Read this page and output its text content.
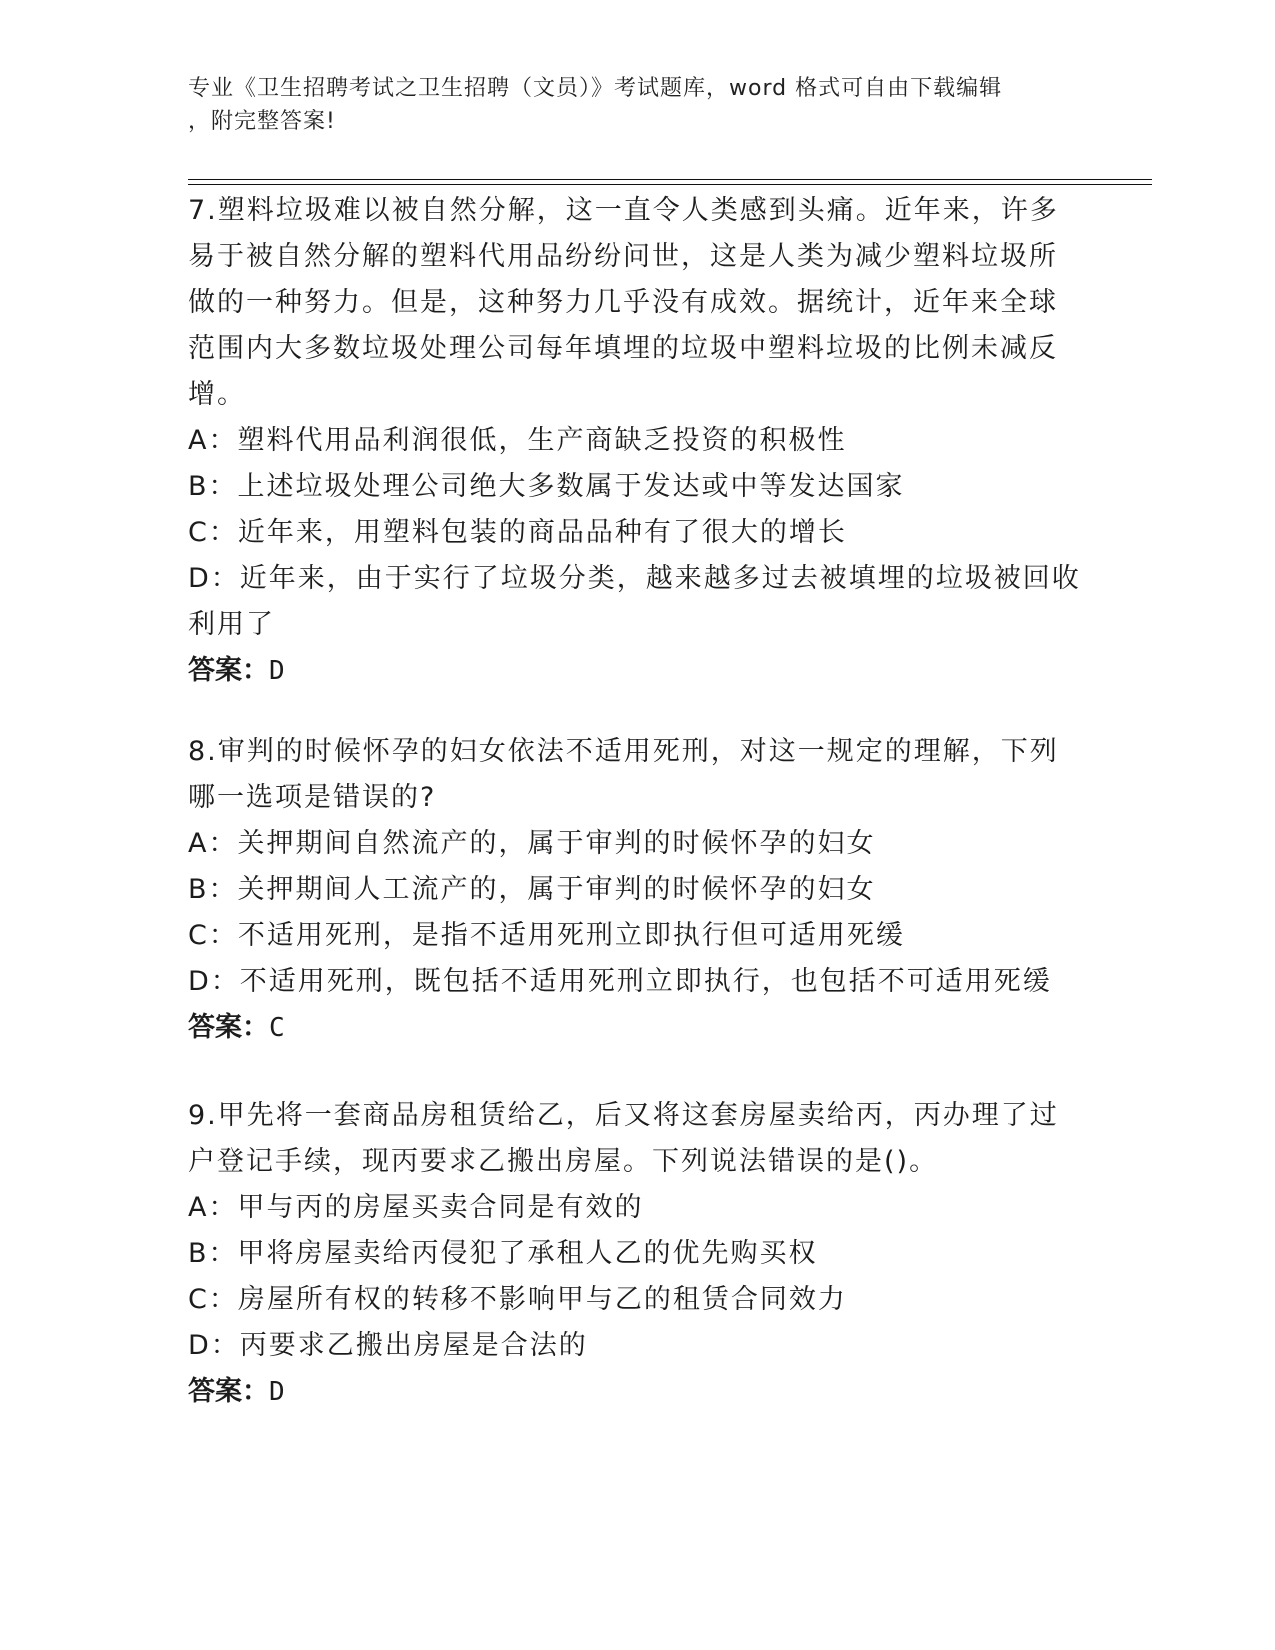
专业《卫生招聘考试之卫生招聘（文员）》考试题库，word 格式可自由下载编辑
，附完整答案!
7.塑料垃圾难以被自然分解，这一直令人类感到头痛。近年来，许多
易于被自然分解的塑料代用品纷纷问世，这是人类为减少塑料垃圾所
做的一种努力。但是，这种努力几乎没有成效。据统计，近年来全球
范围内大多数垃圾处理公司每年填埋的垃圾中塑料垃圾的比例未减反
增。
A：塑料代用品利润很低，生产商缺乏投资的积极性
B：上述垃圾处理公司绝大多数属于发达或中等发达国家
C：近年来，用塑料包装的商品品种有了很大的增长
D：近年来，由于实行了垃圾分类，越来越多过去被填埋的垃圾被回收
利用了
答案：D
8.审判的时候怀孕的妇女依法不适用死刑，对这一规定的理解，下列
哪一选项是错误的?
A：关押期间自然流产的，属于审判的时候怀孕的妇女
B：关押期间人工流产的，属于审判的时候怀孕的妇女
C：不适用死刑，是指不适用死刑立即执行但可适用死缓
D：不适用死刑，既包括不适用死刑立即执行，也包括不可适用死缓
答案：C
9.甲先将一套商品房租赁给乙，后又将这套房屋卖给丙，丙办理了过
户登记手续，现丙要求乙搬出房屋。下列说法错误的是()。
A：甲与丙的房屋买卖合同是有效的
B：甲将房屋卖给丙侵犯了承租人乙的优先购买权
C：房屋所有权的转移不影响甲与乙的租赁合同效力
D：丙要求乙搬出房屋是合法的
答案：D
